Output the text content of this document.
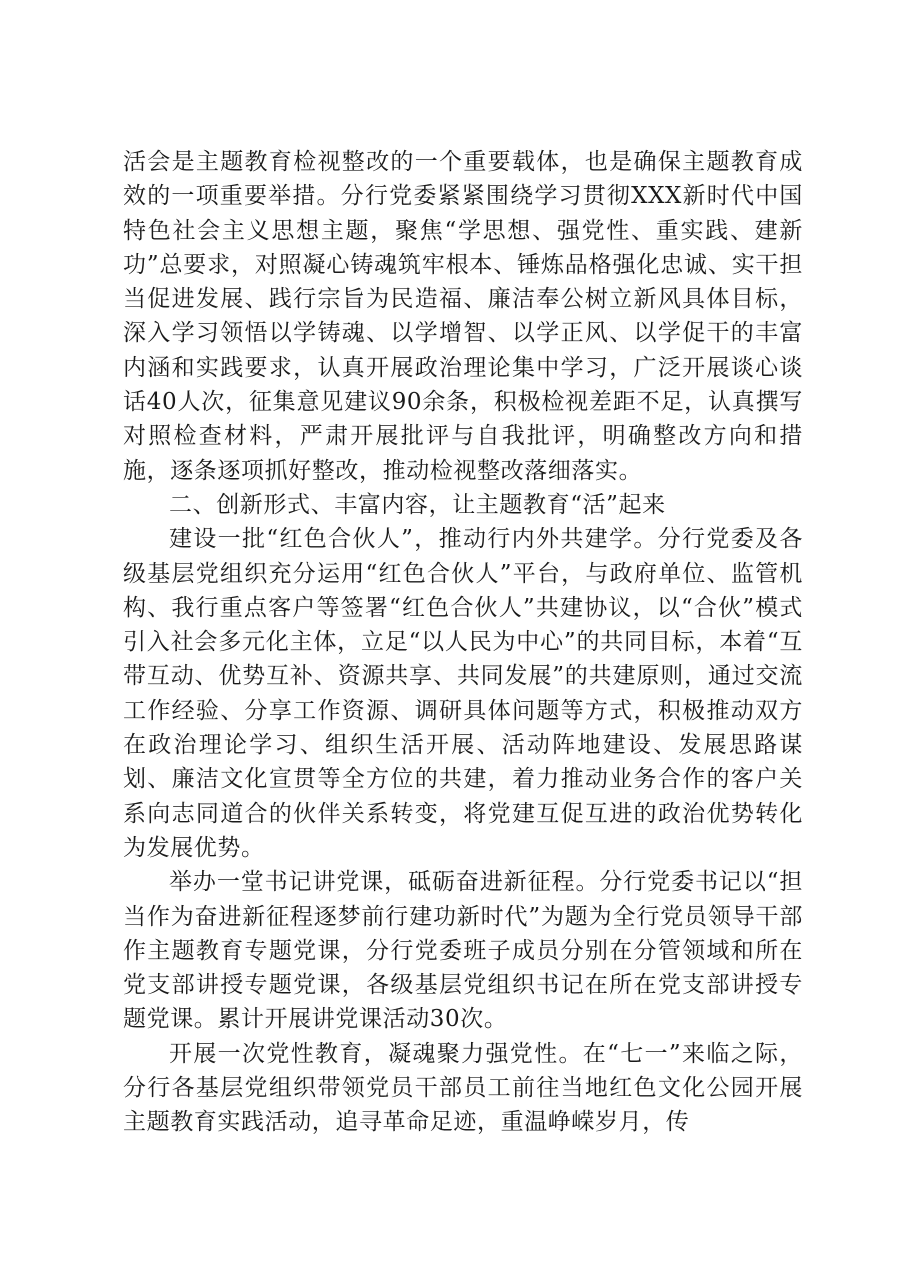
活会是主题教育检视整改的一个重要载体，也是确保主题教育成效的一项重要举措。分行党委紧紧围绕学习贯彻XXX新时代中国特色社会主义思想主题，聚焦“学思想、强党性、重实践、建新功”总要求，对照凝心铸魂筑牢根本、锤炼品格强化忠诚、实干担当促进发展、践行宗旨为民造福、廉洁奉公树立新风具体目标，深入学习领悟以学铸魂、以学增智、以学正风、以学促干的丰富内涵和实践要求，认真开展政治理论集中学习，广泛开展谈心谈话40人次，征集意见建议90余条，积极检视差距不足，认真撰写对照检查材料，严肃开展批评与自我批评，明确整改方向和措施，逐条逐项抓好整改，推动检视整改落细落实。

二、创新形式、丰富内容，让主题教育“活”起来

建设一批“红色合伙人”，推动行内外共建学。分行党委及各级基层党组织充分运用“红色合伙人”平台，与政府单位、监管机构、我行重点客户等签署“红色合伙人”共建协议，以“合伙”模式引入社会多元化主体，立足“以人民为中心”的共同目标，本着“互带互动、优势互补、资源共享、共同发展”的共建原则，通过交流工作经验、分享工作资源、调研具体问题等方式，积极推动双方在政治理论学习、组织生活开展、活动阵地建设、发展思路谋划、廉洁文化宣贯等全方位的共建，着力推动业务合作的客户关系向志同道合的伙伴关系转变，将党建互促互进的政治优势转化为发展优势。

举办一堂书记讲党课，砥砺奋进新征程。分行党委书记以“担当作为奋进新征程逐梦前行建功新时代”为题为全行党员领导干部作主题教育专题党课，分行党委班子成员分别在分管领域和所在党支部讲授专题党课，各级基层党组织书记在所在党支部讲授专题党课。累计开展讲党课活动30次。

开展一次党性教育，凝魂聚力强党性。在“七一”来临之际，分行各基层党组织带领党员干部员工前往当地红色文化公园开展主题教育实践活动，追寻革命足迹，重温峥嵘岁月，传
